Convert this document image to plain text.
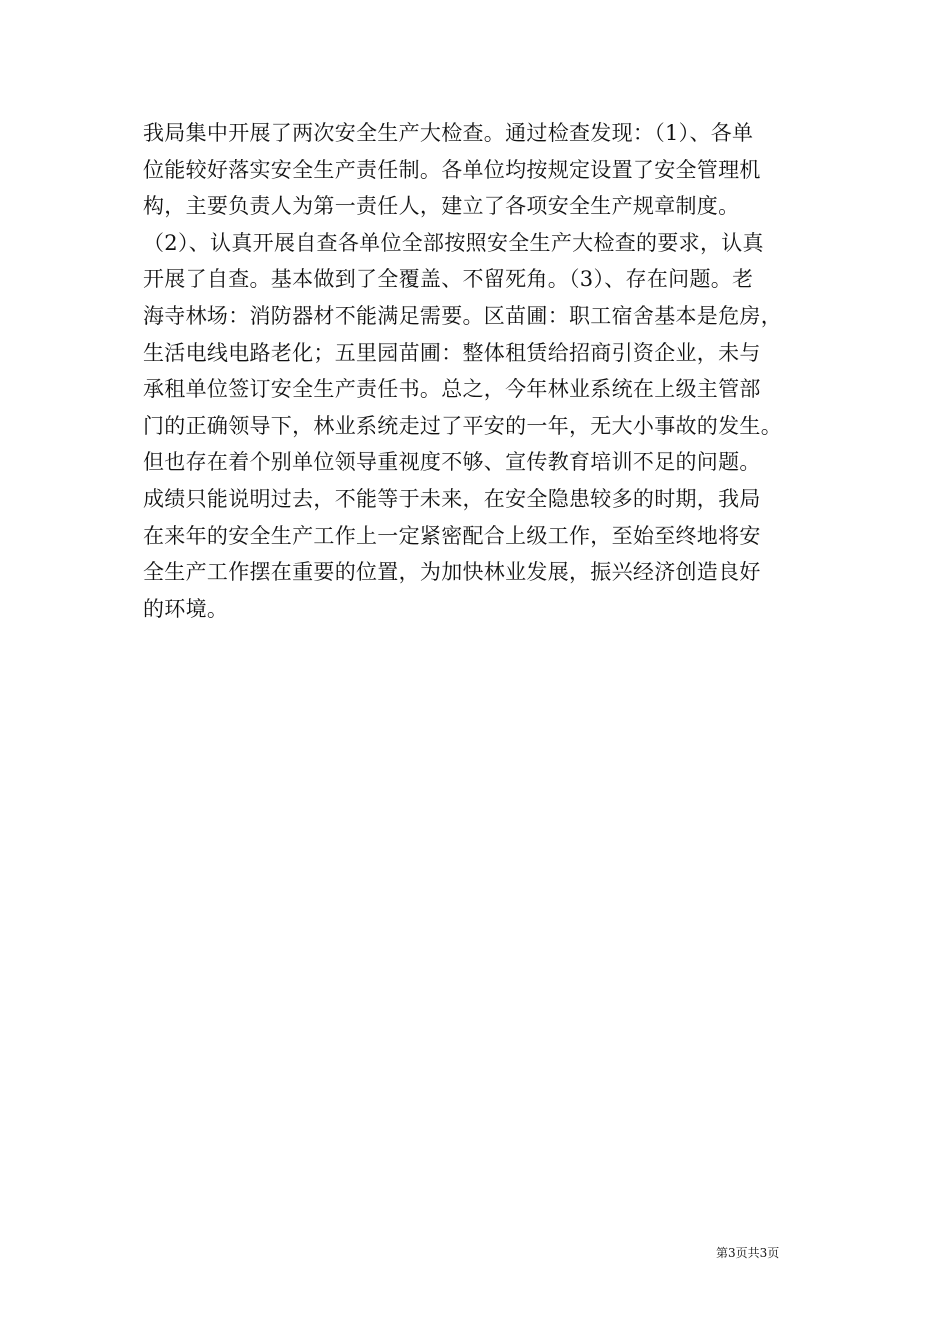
我局集中开展了两次安全生产大检查。通过检查发现：（1）、各单
位能较好落实安全生产责任制。各单位均按规定设置了安全管理机
构，主要负责人为第一责任人，建立了各项安全生产规章制度。
（2）、认真开展自查各单位全部按照安全生产大检查的要求，认真
开展了自查。基本做到了全覆盖、不留死角。（3）、存在问题。老
海寺林场：消防器材不能满足需要。区苗圃：职工宿舍基本是危房，
生活电线电路老化；五里园苗圃：整体租赁给招商引资企业，未与
承租单位签订安全生产责任书。总之，今年林业系统在上级主管部
门的正确领导下，林业系统走过了平安的一年，无大小事故的发生。
但也存在着个别单位领导重视度不够、宣传教育培训不足的问题。
成绩只能说明过去，不能等于未来，在安全隐患较多的时期，我局
在来年的安全生产工作上一定紧密配合上级工作，至始至终地将安
全生产工作摆在重要的位置，为加快林业发展，振兴经济创造良好
的环境。
第3页共3页
